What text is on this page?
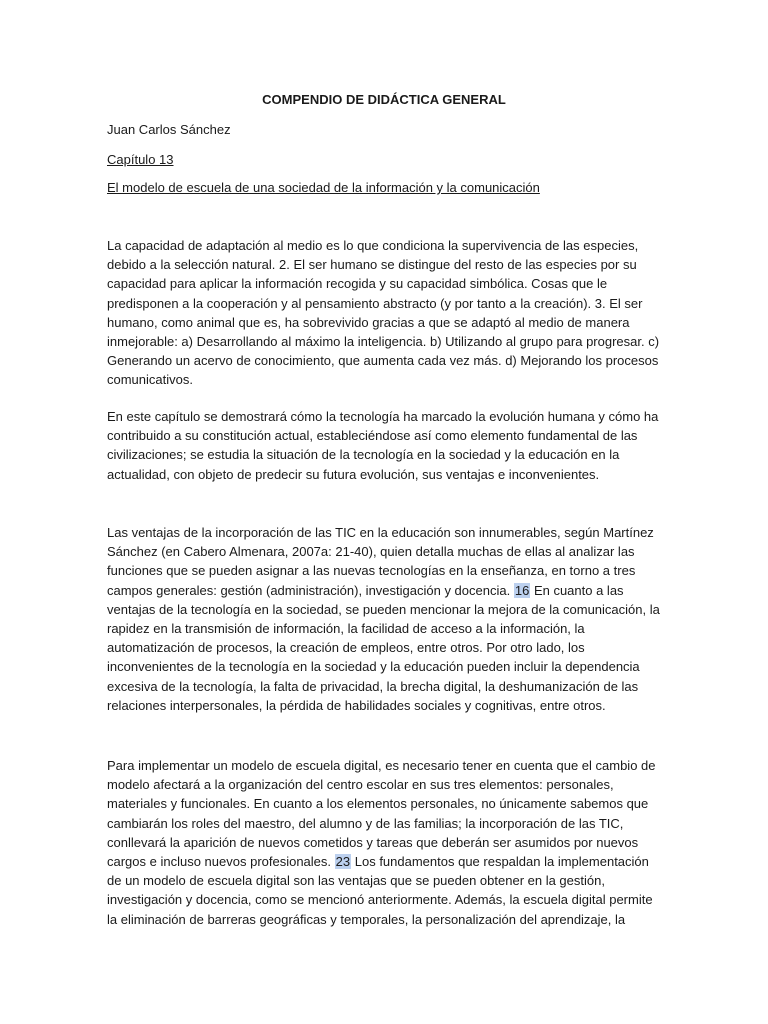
COMPENDIO DE DIDÁCTICA GENERAL

Juan Carlos Sánchez

Capítulo 13

El modelo de escuela de una sociedad de la información y la comunicación

La capacidad de adaptación al medio es lo que condiciona la supervivencia de las especies, debido a la selección natural. 2. El ser humano se distingue del resto de las especies por su capacidad para aplicar la información recogida y su capacidad simbólica. Cosas que le predisponen a la cooperación y al pensamiento abstracto (y por tanto a la creación). 3. El ser humano, como animal que es, ha sobrevivido gracias a que se adaptó al medio de manera inmejorable: a) Desarrollando al máximo la inteligencia. b) Utilizando al grupo para progresar. c) Generando un acervo de conocimiento, que aumenta cada vez más. d) Mejorando los procesos comunicativos.

En este capítulo se demostrará cómo la tecnología ha marcado la evolución humana y cómo ha contribuido a su constitución actual, estableciéndose así como elemento fundamental de las civilizaciones; se estudia la situación de la tecnología en la sociedad y la educación en la actualidad, con objeto de predecir su futura evolución, sus ventajas e inconvenientes.

Las ventajas de la incorporación de las TIC en la educación son innumerables, según Martínez Sánchez (en Cabero Almenara, 2007a: 21-40), quien detalla muchas de ellas al analizar las funciones que se pueden asignar a las nuevas tecnologías en la enseñanza, en torno a tres campos generales: gestión (administración), investigación y docencia. 16 En cuanto a las ventajas de la tecnología en la sociedad, se pueden mencionar la mejora de la comunicación, la rapidez en la transmisión de información, la facilidad de acceso a la información, la automatización de procesos, la creación de empleos, entre otros. Por otro lado, los inconvenientes de la tecnología en la sociedad y la educación pueden incluir la dependencia excesiva de la tecnología, la falta de privacidad, la brecha digital, la deshumanización de las relaciones interpersonales, la pérdida de habilidades sociales y cognitivas, entre otros.

Para implementar un modelo de escuela digital, es necesario tener en cuenta que el cambio de modelo afectará a la organización del centro escolar en sus tres elementos: personales, materiales y funcionales. En cuanto a los elementos personales, no únicamente sabemos que cambiarán los roles del maestro, del alumno y de las familias; la incorporación de las TIC, conllevará la aparición de nuevos cometidos y tareas que deberán ser asumidos por nuevos cargos e incluso nuevos profesionales. 23 Los fundamentos que respaldan la implementación de un modelo de escuela digital son las ventajas que se pueden obtener en la gestión, investigación y docencia, como se mencionó anteriormente. Además, la escuela digital permite la eliminación de barreras geográficas y temporales, la personalización del aprendizaje, la
